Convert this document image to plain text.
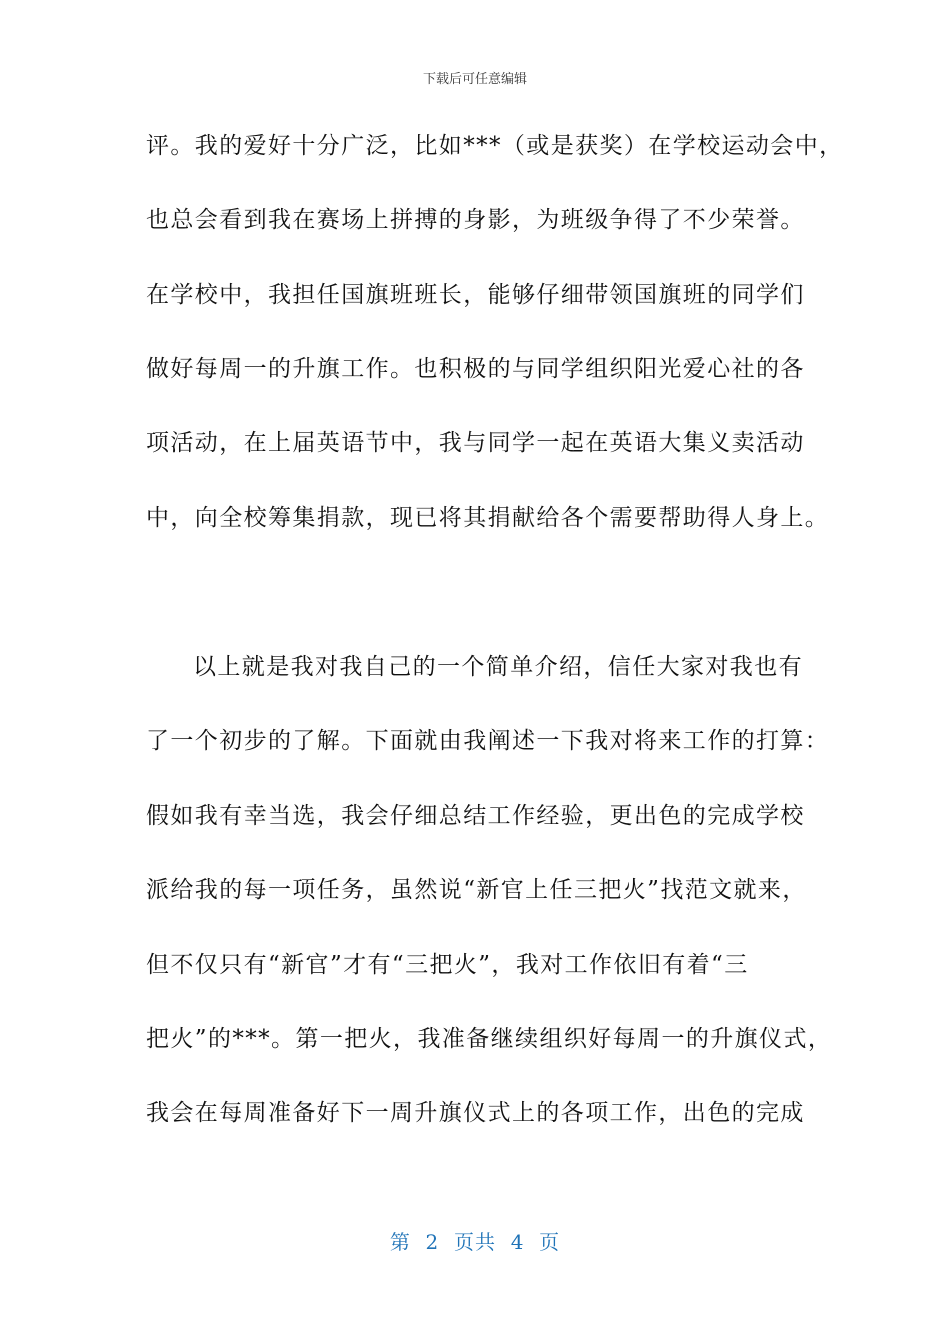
下载后可任意编辑
评。我的爱好十分广泛，比如***（或是获奖）在学校运动会中，
也总会看到我在赛场上拼搏的身影，为班级争得了不少荣誉。
在学校中，我担任国旗班班长，能够仔细带领国旗班的同学们
做好每周一的升旗工作。也积极的与同学组织阳光爱心社的各
项活动，在上届英语节中，我与同学一起在英语大集义卖活动
中，向全校筹集捐款，现已将其捐献给各个需要帮助得人身上。
以上就是我对我自己的一个简单介绍，信任大家对我也有
了一个初步的了解。下面就由我阐述一下我对将来工作的打算：
假如我有幸当选，我会仔细总结工作经验，更出色的完成学校
派给我的每一项任务，虽然说“新官上任三把火”找范文就来，
但不仅只有“新官”才有“三把火”，我对工作依旧有着“三
把火”的***。第一把火，我准备继续组织好每周一的升旗仪式，
我会在每周准备好下一周升旗仪式上的各项工作，出色的完成
第  2  页共  4  页
